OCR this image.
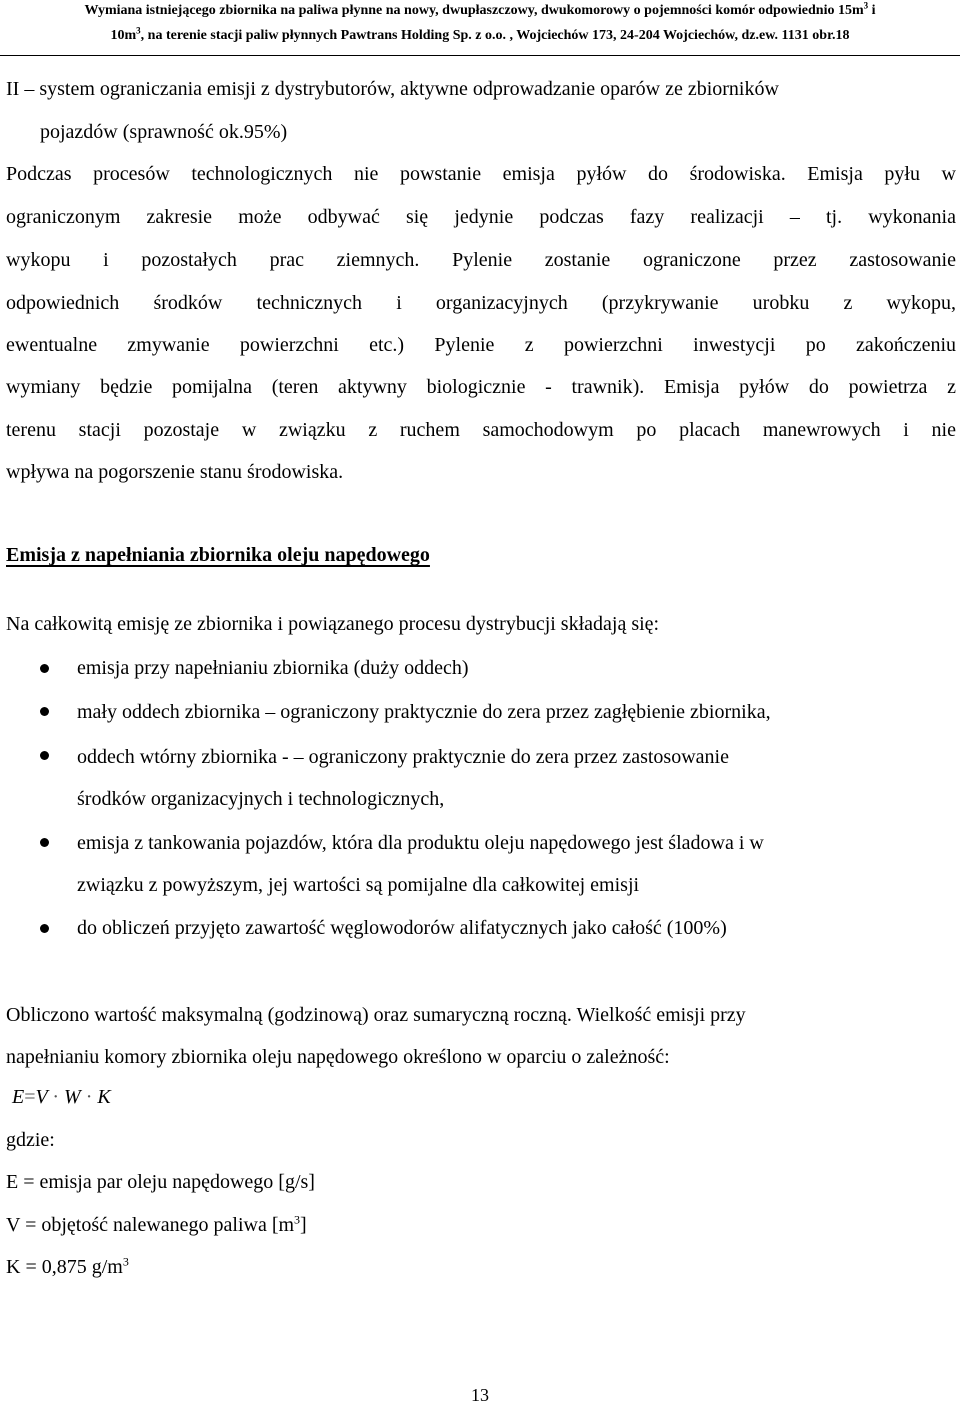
Wymiana istniejącego zbiornika na paliwa płynne na nowy, dwupłaszczowy, dwukomorowy o pojemności komór odpowiednio $15m^3$ i
$10m^3$, na terenie stacji paliw płynnych Pawtrans Holding Sp. z o.o. , Wojciechów 173, 24-204 Wojciechów, dz.ew. 1131 obr.18
II – system ograniczania emisji z dystrybutorów, aktywne odprowadzanie oparów ze zbiorników
pojazdów (sprawność ok.95%)
Podczas procesów technologicznych nie powstanie emisja pyłów do środowiska. Emisja pyłu w
ograniczonym zakresie może odbywać się jedynie podczas fazy realizacji – tj. wykonania
wykopu i pozostałych prac ziemnych. Pylenie zostanie ograniczone przez zastosowanie
odpowiednich środków technicznych i organizacyjnych (przykrywanie urobku z wykopu,
ewentualne zmywanie powierzchni etc.) Pylenie z powierzchni inwestycji po zakończeniu
wymiany będzie pomijalna (teren aktywny biologicznie - trawnik). Emisja pyłów do powietrza z
terenu stacji pozostaje w związku z ruchem samochodowym po placach manewrowych i nie
wpływa na pogorszenie stanu środowiska.
Emisja z napełniania zbiornika oleju napędowego
Na całkowitą emisję ze zbiornika i powiązanego procesu dystrybucji składają się:
emisja przy napełnianiu zbiornika (duży oddech)
mały oddech zbiornika – ograniczony praktycznie do zera przez zagłębienie zbiornika,
oddech wtórny zbiornika - – ograniczony praktycznie do zera przez zastosowanie
środków organizacyjnych i technologicznych,
emisja z tankowania pojazdów, która dla produktu oleju napędowego jest śladowa i w
związku z powyższym, jej wartości są pomijalne dla całkowitej emisji
do obliczeń przyjęto zawartość węglowodorów alifatycznych jako całość (100%)
Obliczono wartość maksymalną (godzinową) oraz sumaryczną roczną. Wielkość emisji przy
napełnianiu komory zbiornika oleju napędowego określono w oparciu o zależność:
E=V · W · K
gdzie:
E = emisja par oleju napędowego [g/s]
V = objętość nalewanego paliwa $[m^3]$
K = 0,875 $g/m^3$
13
